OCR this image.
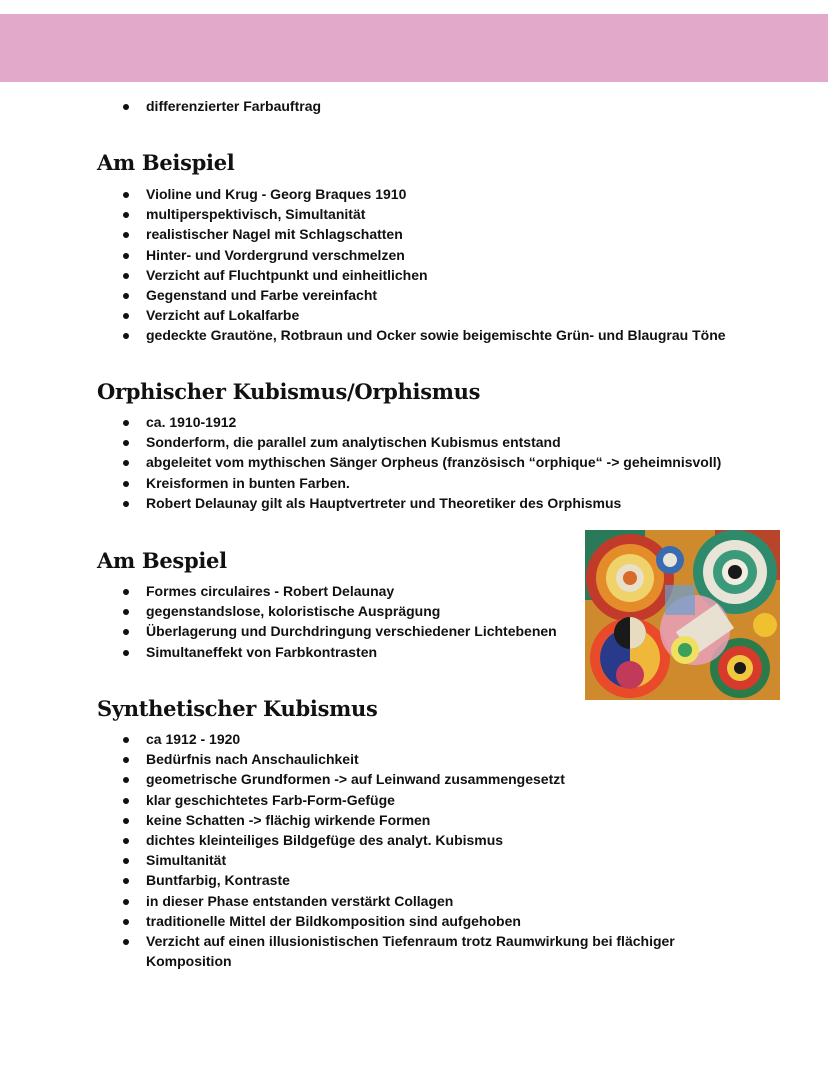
differenzierter Farbauftrag
Am Beispiel
Violine und Krug - Georg Braques 1910
multiperspektivisch, Simultanität
realistischer Nagel mit Schlagschatten
Hinter- und Vordergrund verschmelzen
Verzicht auf Fluchtpunkt und einheitlichen
Gegenstand und Farbe vereinfacht
Verzicht auf Lokalfarbe
gedeckte Grautöne, Rotbraun und Ocker sowie beigemischte Grün- und Blaugrau Töne
Orphischer Kubismus/Orphismus
ca. 1910-1912
Sonderform, die parallel zum analytischen Kubismus entstand
abgeleitet vom mythischen Sänger Orpheus (französisch “orphique“ -> geheimnisvoll)
Kreisformen in bunten Farben.
Robert Delaunay gilt als Hauptvertreter und Theoretiker des Orphismus
Am Bespiel
Formes circulaires - Robert Delaunay
gegenstandslose, koloristische Ausprägung
Überlagerung und Durchdringung verschiedener Lichtebenen
Simultaneffekt von Farbkontrasten
Synthetischer Kubismus
ca 1912 - 1920
Bedürfnis nach Anschaulichkeit
geometrische Grundformen -> auf Leinwand zusammengesetzt
klar geschichtetes Farb-Form-Gefüge
keine Schatten -> flächig wirkende Formen
dichtes kleinteiliges Bildgefüge des analyt. Kubismus
Simultanität
Buntfarbig, Kontraste
in dieser Phase entstanden verstärkt Collagen
traditionelle Mittel der Bildkomposition sind aufgehoben
Verzicht auf einen illusionistischen Tiefenraum trotz Raumwirkung bei flächiger Komposition
